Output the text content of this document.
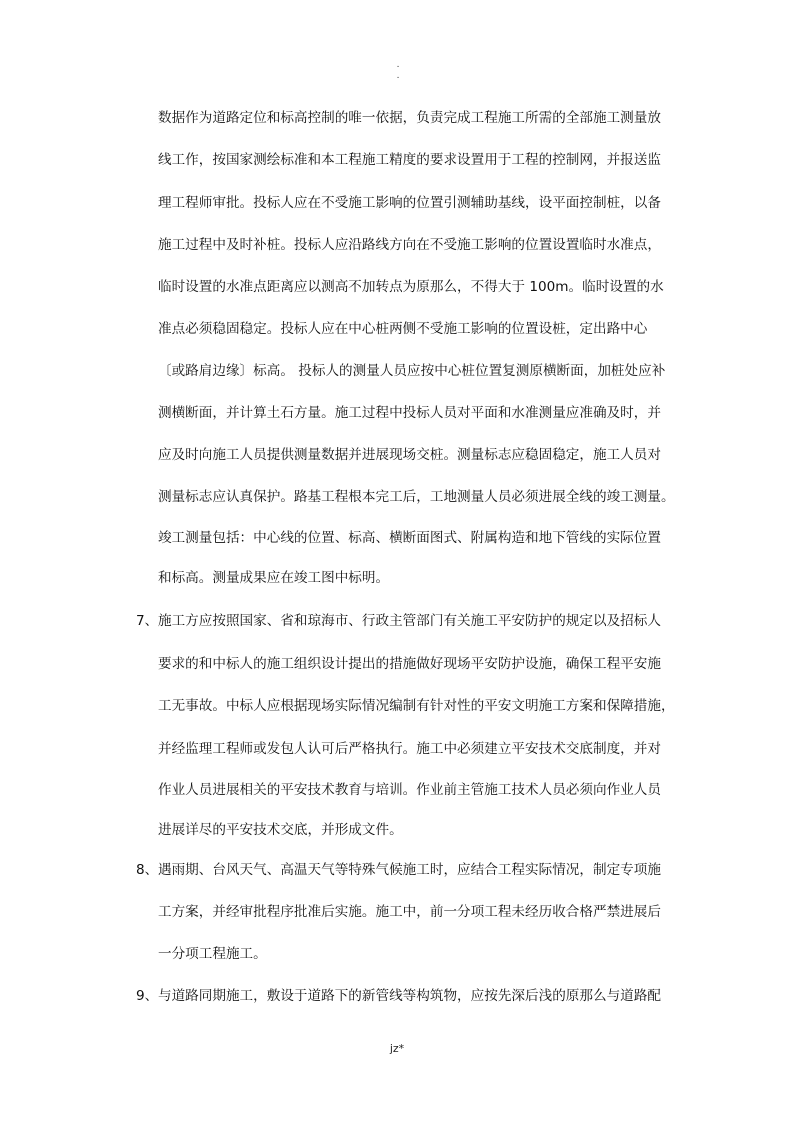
.
.
数据作为道路定位和标高控制的唯一依据，负责完成工程施工所需的全部施工测量放
线工作，按国家测绘标准和本工程施工精度的要求设置用于工程的控制网，并报送监
理工程师审批。投标人应在不受施工影响的位置引测辅助基线，设平面控制桩，以备
施工过程中及时补桩。投标人应沿路线方向在不受施工影响的位置设置临时水准点，
临时设置的水准点距离应以测高不加转点为原那么，不得大于 100m。临时设置的水
准点必须稳固稳定。投标人应在中心桩两侧不受施工影响的位置设桩，定出路中心
〔或路肩边缘〕标高。 投标人的测量人员应按中心桩位置复测原横断面，加桩处应补
测横断面，并计算土石方量。施工过程中投标人员对平面和水准测量应准确及时，并
应及时向施工人员提供测量数据并进展现场交桩。测量标志应稳固稳定，施工人员对
测量标志应认真保护。路基工程根本完工后，工地测量人员必须进展全线的竣工测量。
竣工测量包括：中心线的位置、标高、横断面图式、附属构造和地下管线的实际位置
和标高。测量成果应在竣工图中标明。
7、 施工方应按照国家、省和琼海市、行政主管部门有关施工平安防护的规定以及招标人
要求的和中标人的施工组织设计提出的措施做好现场平安防护设施，确保工程平安施
工无事故。中标人应根据现场实际情况编制有针对性的平安文明施工方案和保障措施，
并经监理工程师或发包人认可后严格执行。施工中必须建立平安技术交底制度，并对
作业人员进展相关的平安技术教育与培训。作业前主管施工技术人员必须向作业人员
进展详尽的平安技术交底，并形成文件。
8、 遇雨期、台风天气、高温天气等特殊气候施工时，应结合工程实际情况，制定专项施
工方案，并经审批程序批准后实施。施工中，前一分项工程未经历收合格严禁进展后
一分项工程施工。
9、 与道路同期施工，敷设于道路下的新管线等构筑物，应按先深后浅的原那么与道路配
jz*
